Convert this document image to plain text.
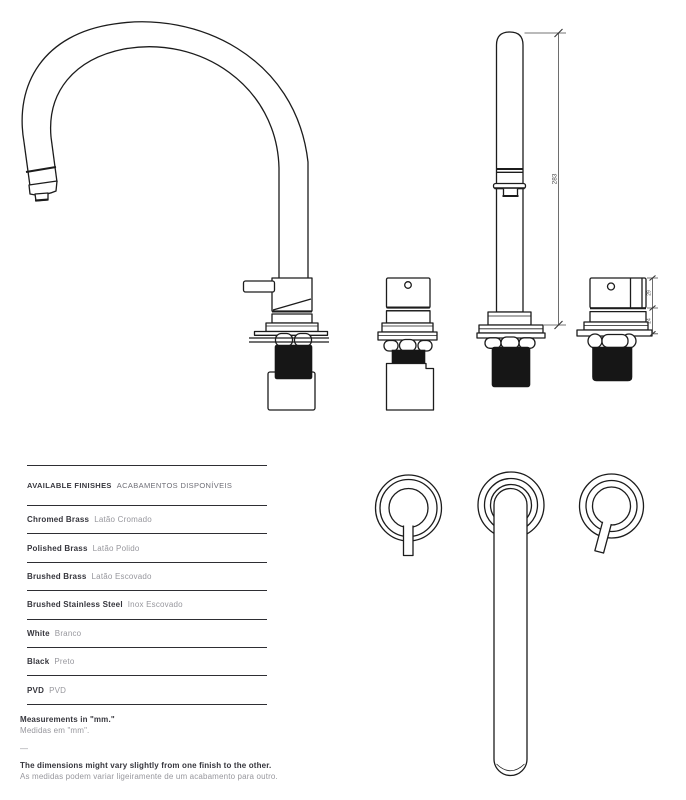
283
29
24
AVAILABLE FINISHES ACABAMENTOS DISPONÍVEIS
Chromed Brass Latão Cromado
Polished Brass Latão Polido
Brushed Brass Latão Escovado
Brushed Stainless Steel Inox Escovado
White Branco
Black Preto
PVD PVD
Measurements in "mm."
Medidas em "mm".
—
The dimensions might vary slightly from one finish to the other.
As medidas podem variar ligeiramente de um acabamento para outro.
